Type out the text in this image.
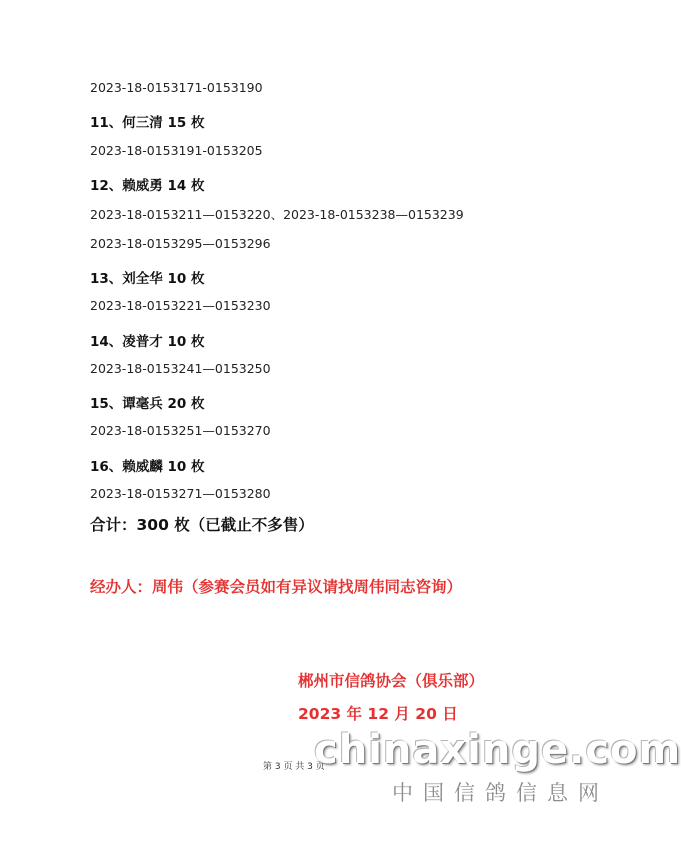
2023-18-0153171-0153190
11、何三清 15 枚
2023-18-0153191-0153205
12、赖威勇 14 枚
2023-18-0153211—0153220、2023-18-0153238—0153239
2023-18-0153295—0153296
13、刘全华 10 枚
2023-18-0153221—0153230
14、凌普才 10 枚
2023-18-0153241—0153250
15、谭毫兵 20 枚
2023-18-0153251—0153270
16、赖威麟 10 枚
2023-18-0153271—0153280
合计：300 枚（已截止不多售）
经办人：周伟（参赛会员如有异议请找周伟同志咨询）
郴州市信鸽协会（俱乐部）
2023 年 12 月 20 日
第 3 页 共 3 页
chinaxinge.com
中国信鸽信息网
